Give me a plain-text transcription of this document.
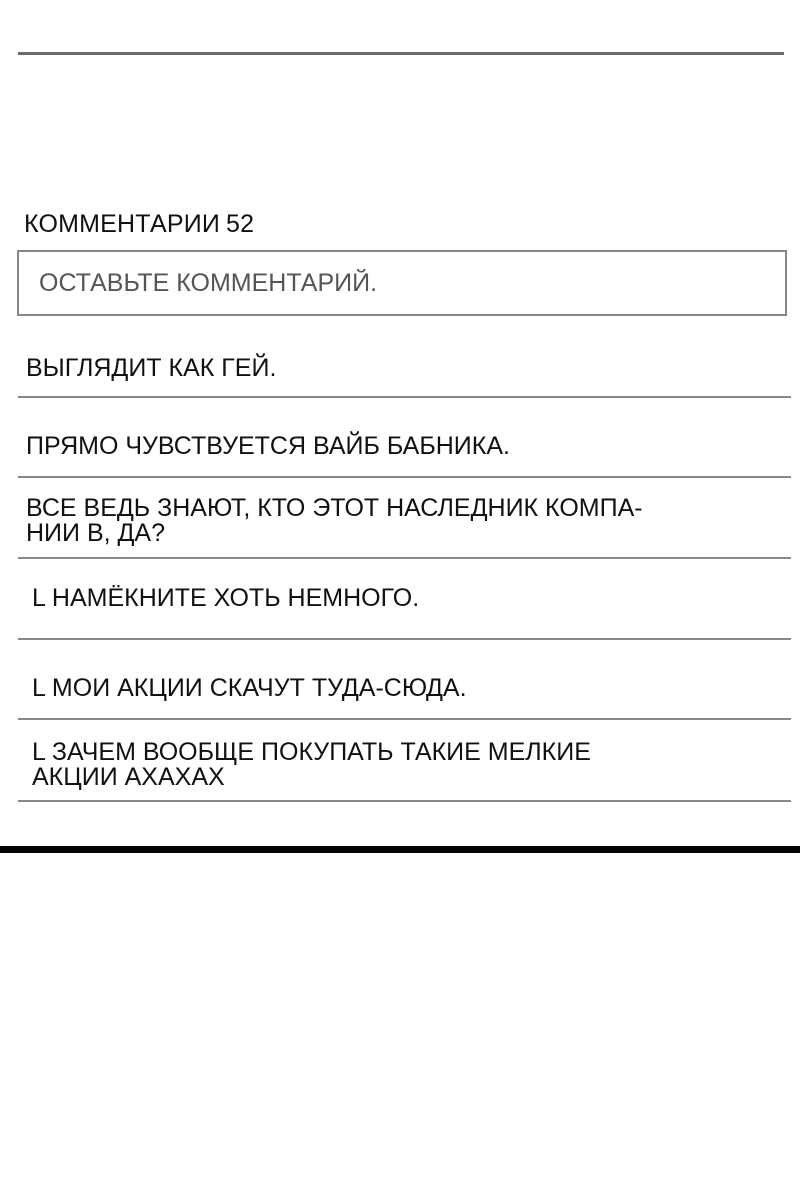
КОММЕНТАРИИ 52
ОСТАВЬТЕ КОММЕНТАРИЙ.
ВЫГЛЯДИТ КАК ГЕЙ.
ПРЯМО ЧУВСТВУЕТСЯ ВАЙБ БАБНИКА.
ВСЕ ВЕДЬ ЗНАЮТ, КТО ЭТОТ НАСЛЕДНИК КОМПА-
НИИ В, ДА?
L НАМЁКНИТЕ ХОТЬ НЕМНОГО.
L МОИ АКЦИИ СКАЧУТ ТУДА-СЮДА.
L ЗАЧЕМ ВООБЩЕ ПОКУПАТЬ ТАКИЕ МЕЛКИЕ
АКЦИИ АХАХАХ
